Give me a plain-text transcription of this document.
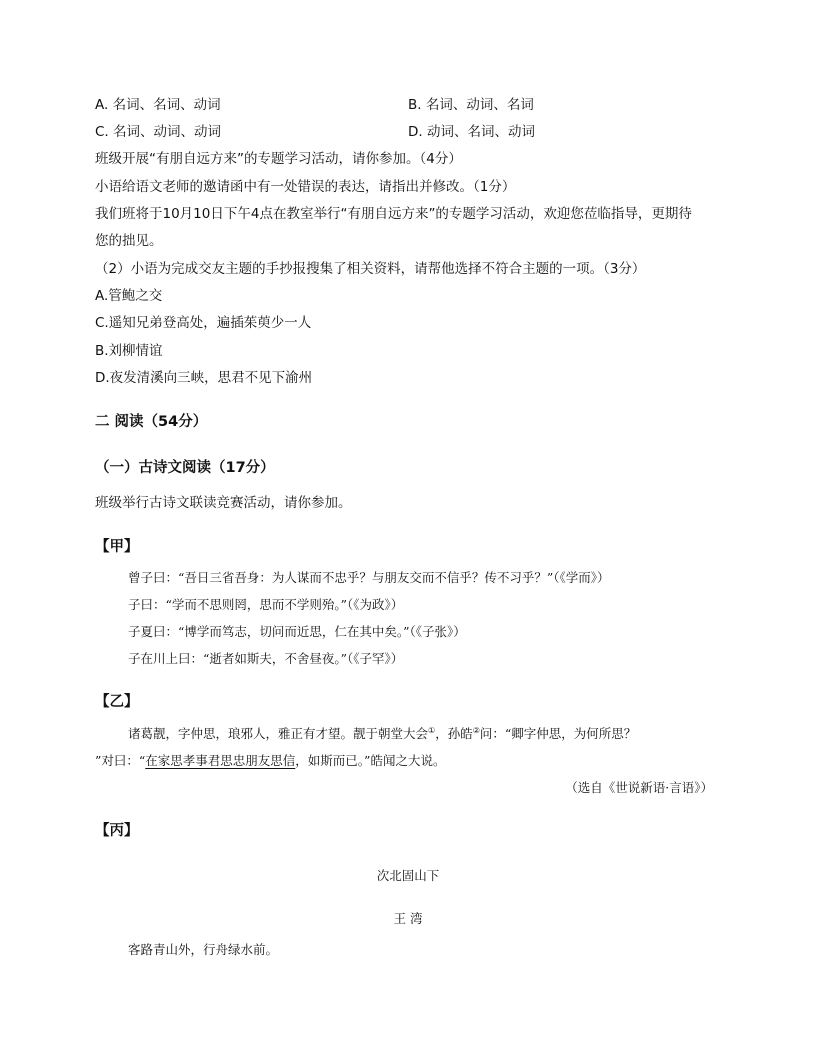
A. 名词、名词、动词	B. 名词、动词、名词
C. 名词、动词、动词	D. 动词、名词、动词
班级开展“有朋自远方来”的专题学习活动，请你参加。（4分）
小语给语文老师的邀请函中有一处错误的表达，请指出并修改。（1分）
我们班将于10月10日下午4点在教室举行“有朋自远方来”的专题学习活动，欢迎您莅临指导，更期待
您的拙见。
（2）小语为完成交友主题的手抄报搜集了相关资料，请帮他选择不符合主题的一项。（3分）
A.管鲍之交
C.遥知兄弟登高处，遍插茱萸少一人
B.刘柳情谊
D.夜发清溪向三峡，思君不见下渝州
二 阅读（54分）
（一）古诗文阅读（17分）
班级举行古诗文联读竞赛活动，请你参加。
【甲】
曾子曰：“吾日三省吾身：为人谋而不忠乎？与朋友交而不信乎？传不习乎？”（《学而》）
子曰：“学而不思则罔，思而不学则殆。”（《为政》）
子夏曰：“博学而笃志，切问而近思，仁在其中矣。”（《子张》）
子在川上曰：“逝者如斯夫，不舍昼夜。”（《子罕》）
【乙】
诸葛靓，字仲思，琅邪人，雅正有才望。靓于朝堂大会①，孙皓②问：“卿字仲思，为何所思？
”对曰：“在家思孝事君思忠朋友思信，如斯而已。”皓闻之大说。
（选自《世说新语·言语》）
【丙】
次北固山下
王 湾
客路青山外，行舟绿水前。
